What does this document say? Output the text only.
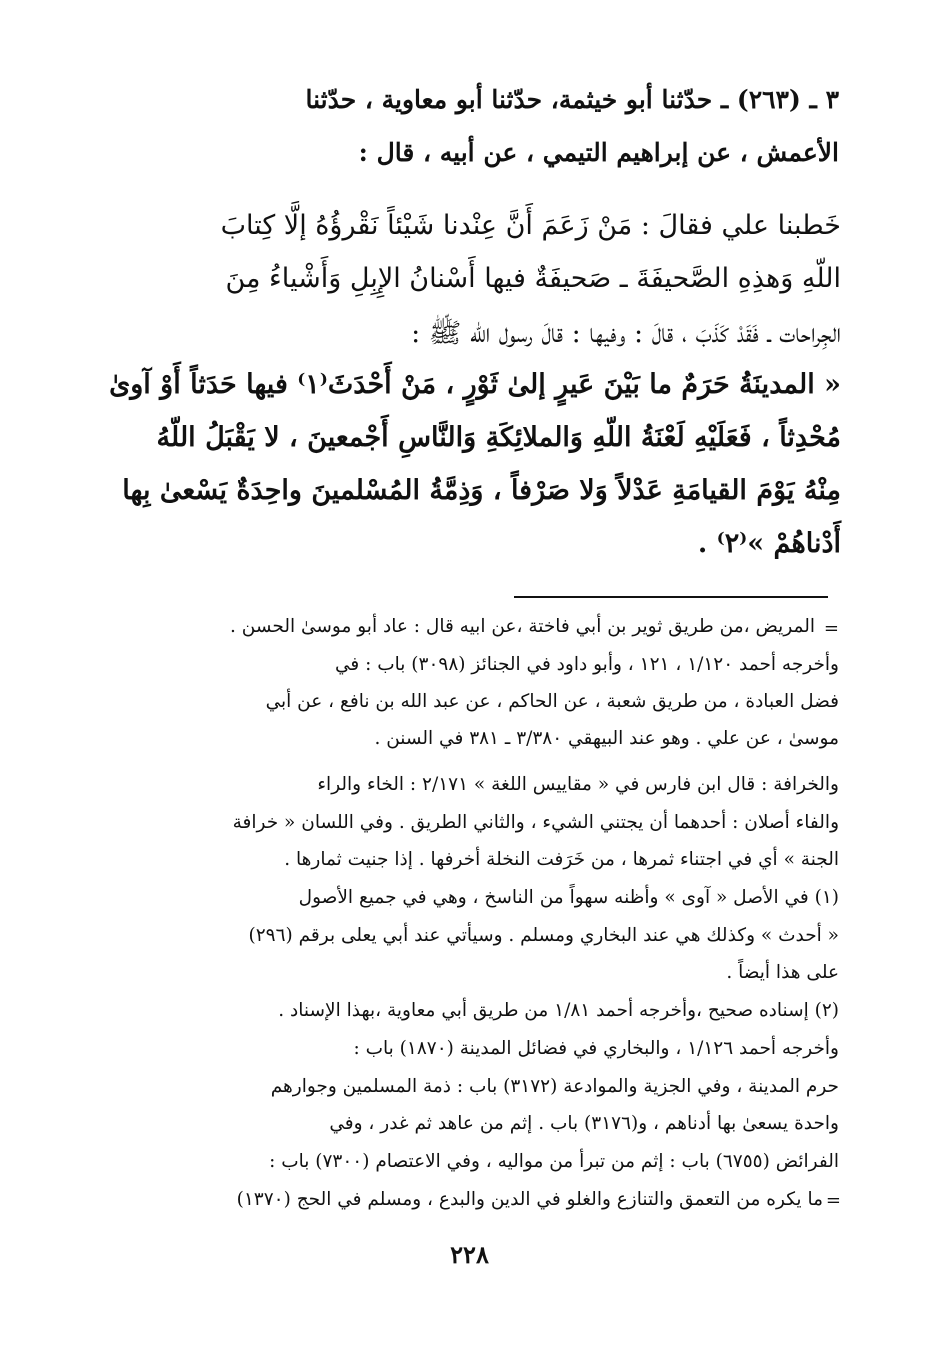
٣ ـ (٢٦٣) ـ حدّثنا أبو خيثمة، حدّثنا أبو معاوية ، حدّثنا
الأعمش ، عن إبراهيم التيمي ، عن أبيه ، قال :
خَطبنا علي فقالَ : مَنْ زَعَمَ أَنَّ عِنْدنا شَيْئاً نَقْرؤُهُ إلَّا كِتابَ
اللّهِ وَهذِهِ الصَّحيفَةَ ـ صَحيفَةٌ فيها أَسْنانُ الإِبِلِ وَأَشْياءُ مِنَ
الجِراحات ـ فَقَدْ كَذَبَ ، قالَ : وفيها : قالَ رسول اللّه ﷺ :
« المدينَةُ حَرَمٌ ما بَيْنَ عَيرٍ إلىٰ ثَوْرٍ ، مَنْ أَحْدَثَ⁽١⁾ فيها حَدَثاً أَوْ آوىٰ
مُحْدِثاً ، فَعَلَيْهِ لَعْنَةُ اللّهِ وَالملائِكَةِ وَالنَّاسِ أَجْمعينَ ، لا يَقْبَلُ اللّهُ
مِنْهُ يَوْمَ القيامَةِ عَدْلاً وَلا صَرْفاً ، وَذِمَّةُ المُسْلمينَ واحِدَةٌ يَسْعىٰ بِها
أَدْناهُمْ »⁽٢⁾ .
=
المريض ،من طريق ثوير بن أبي فاختة ،عن ابيه قال : عاد أبو موسىٰ الحسن .
وأخرجه أحمد ١/١٢٠ ، ١٢١ ، وأبو داود في الجنائز (٣٠٩٨) باب : في
فضل العبادة ، من طريق شعبة ، عن الحاكم ، عن عبد الله بن نافع ، عن أبي
موسىٰ ، عن علي . وهو عند البيهقي ٣/٣٨٠ ـ ٣٨١ في السنن .
والخرافة : قال ابن فارس في « مقاييس اللغة » ٢/١٧١ : الخاء والراء
والفاء أصلان : أحدهما أن يجتني الشيء ، والثاني الطريق . وفي اللسان « خرافة
الجنة » أي في اجتناء ثمرها ، من خَرَفت النخلة أخرفها . إذا جنيت ثمارها .
(١) في الأصل « آوى » وأظنه سهواً من الناسخ ، وهي في جميع الأصول
« أحدث » وكذلك هي عند البخاري ومسلم . وسيأتي عند أبي يعلى برقم (٢٩٦)
على هذا أيضاً .
(٢) إسناده صحيح ،وأخرجه أحمد ١/٨١ من طريق أبي معاوية ،بهذا الإسناد .
وأخرجه أحمد ١/١٢٦ ، والبخاري في فضائل المدينة (١٨٧٠) باب :
حرم المدينة ، وفي الجزية والموادعة (٣١٧٢) باب : ذمة المسلمين وجوارهم
واحدة يسعىٰ بها أدناهم ، و(٣١٧٦) باب . إثم من عاهد ثم غدر ، وفي
الفرائض (٦٧٥٥) باب : إثم من تبرأ من مواليه ، وفي الاعتصام (٧٣٠٠) باب :
ما يكره من التعمق والتنازع والغلو في الدين والبدع ، ومسلم في الحج (١٣٧٠) =
٢٢٨
